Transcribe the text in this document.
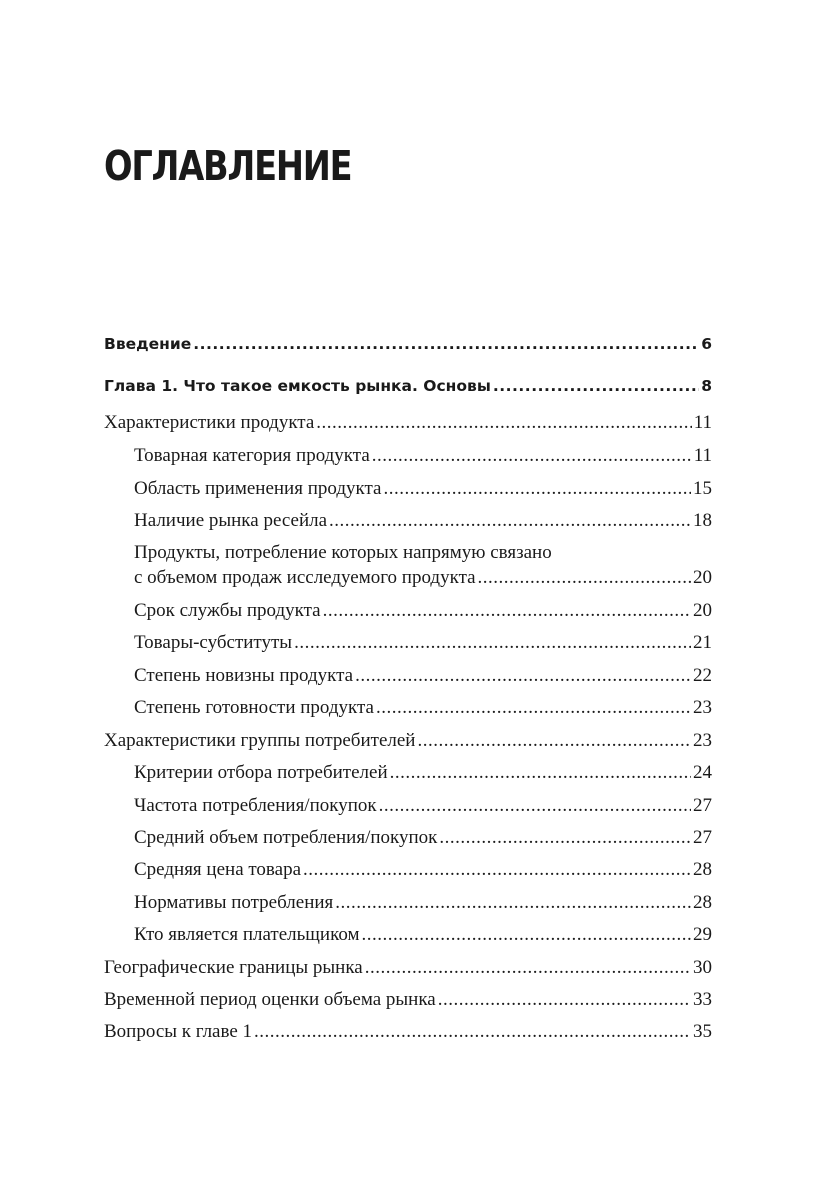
ОГЛАВЛЕНИЕ
Введение .....	6
Глава 1. Что такое емкость рынка. Основы .....	8
Характеристики продукта .....	11
Товарная категория продукта .....	11
Область применения продукта .....	15
Наличие рынка ресейла .....	18
Продукты, потребление которых напрямую связано
с объемом продаж исследуемого продукта .....	20
Срок службы продукта .....	20
Товары-субституты .....	21
Степень новизны продукта .....	22
Степень готовности продукта .....	23
Характеристики группы потребителей .....	23
Критерии отбора потребителей .....	24
Частота потребления/покупок .....	27
Средний объем потребления/покупок .....	27
Средняя цена товара .....	28
Нормативы потребления .....	28
Кто является плательщиком .....	29
Географические границы рынка .....	30
Временной период оценки объема рынка .....	33
Вопросы к главе 1 .....	35
